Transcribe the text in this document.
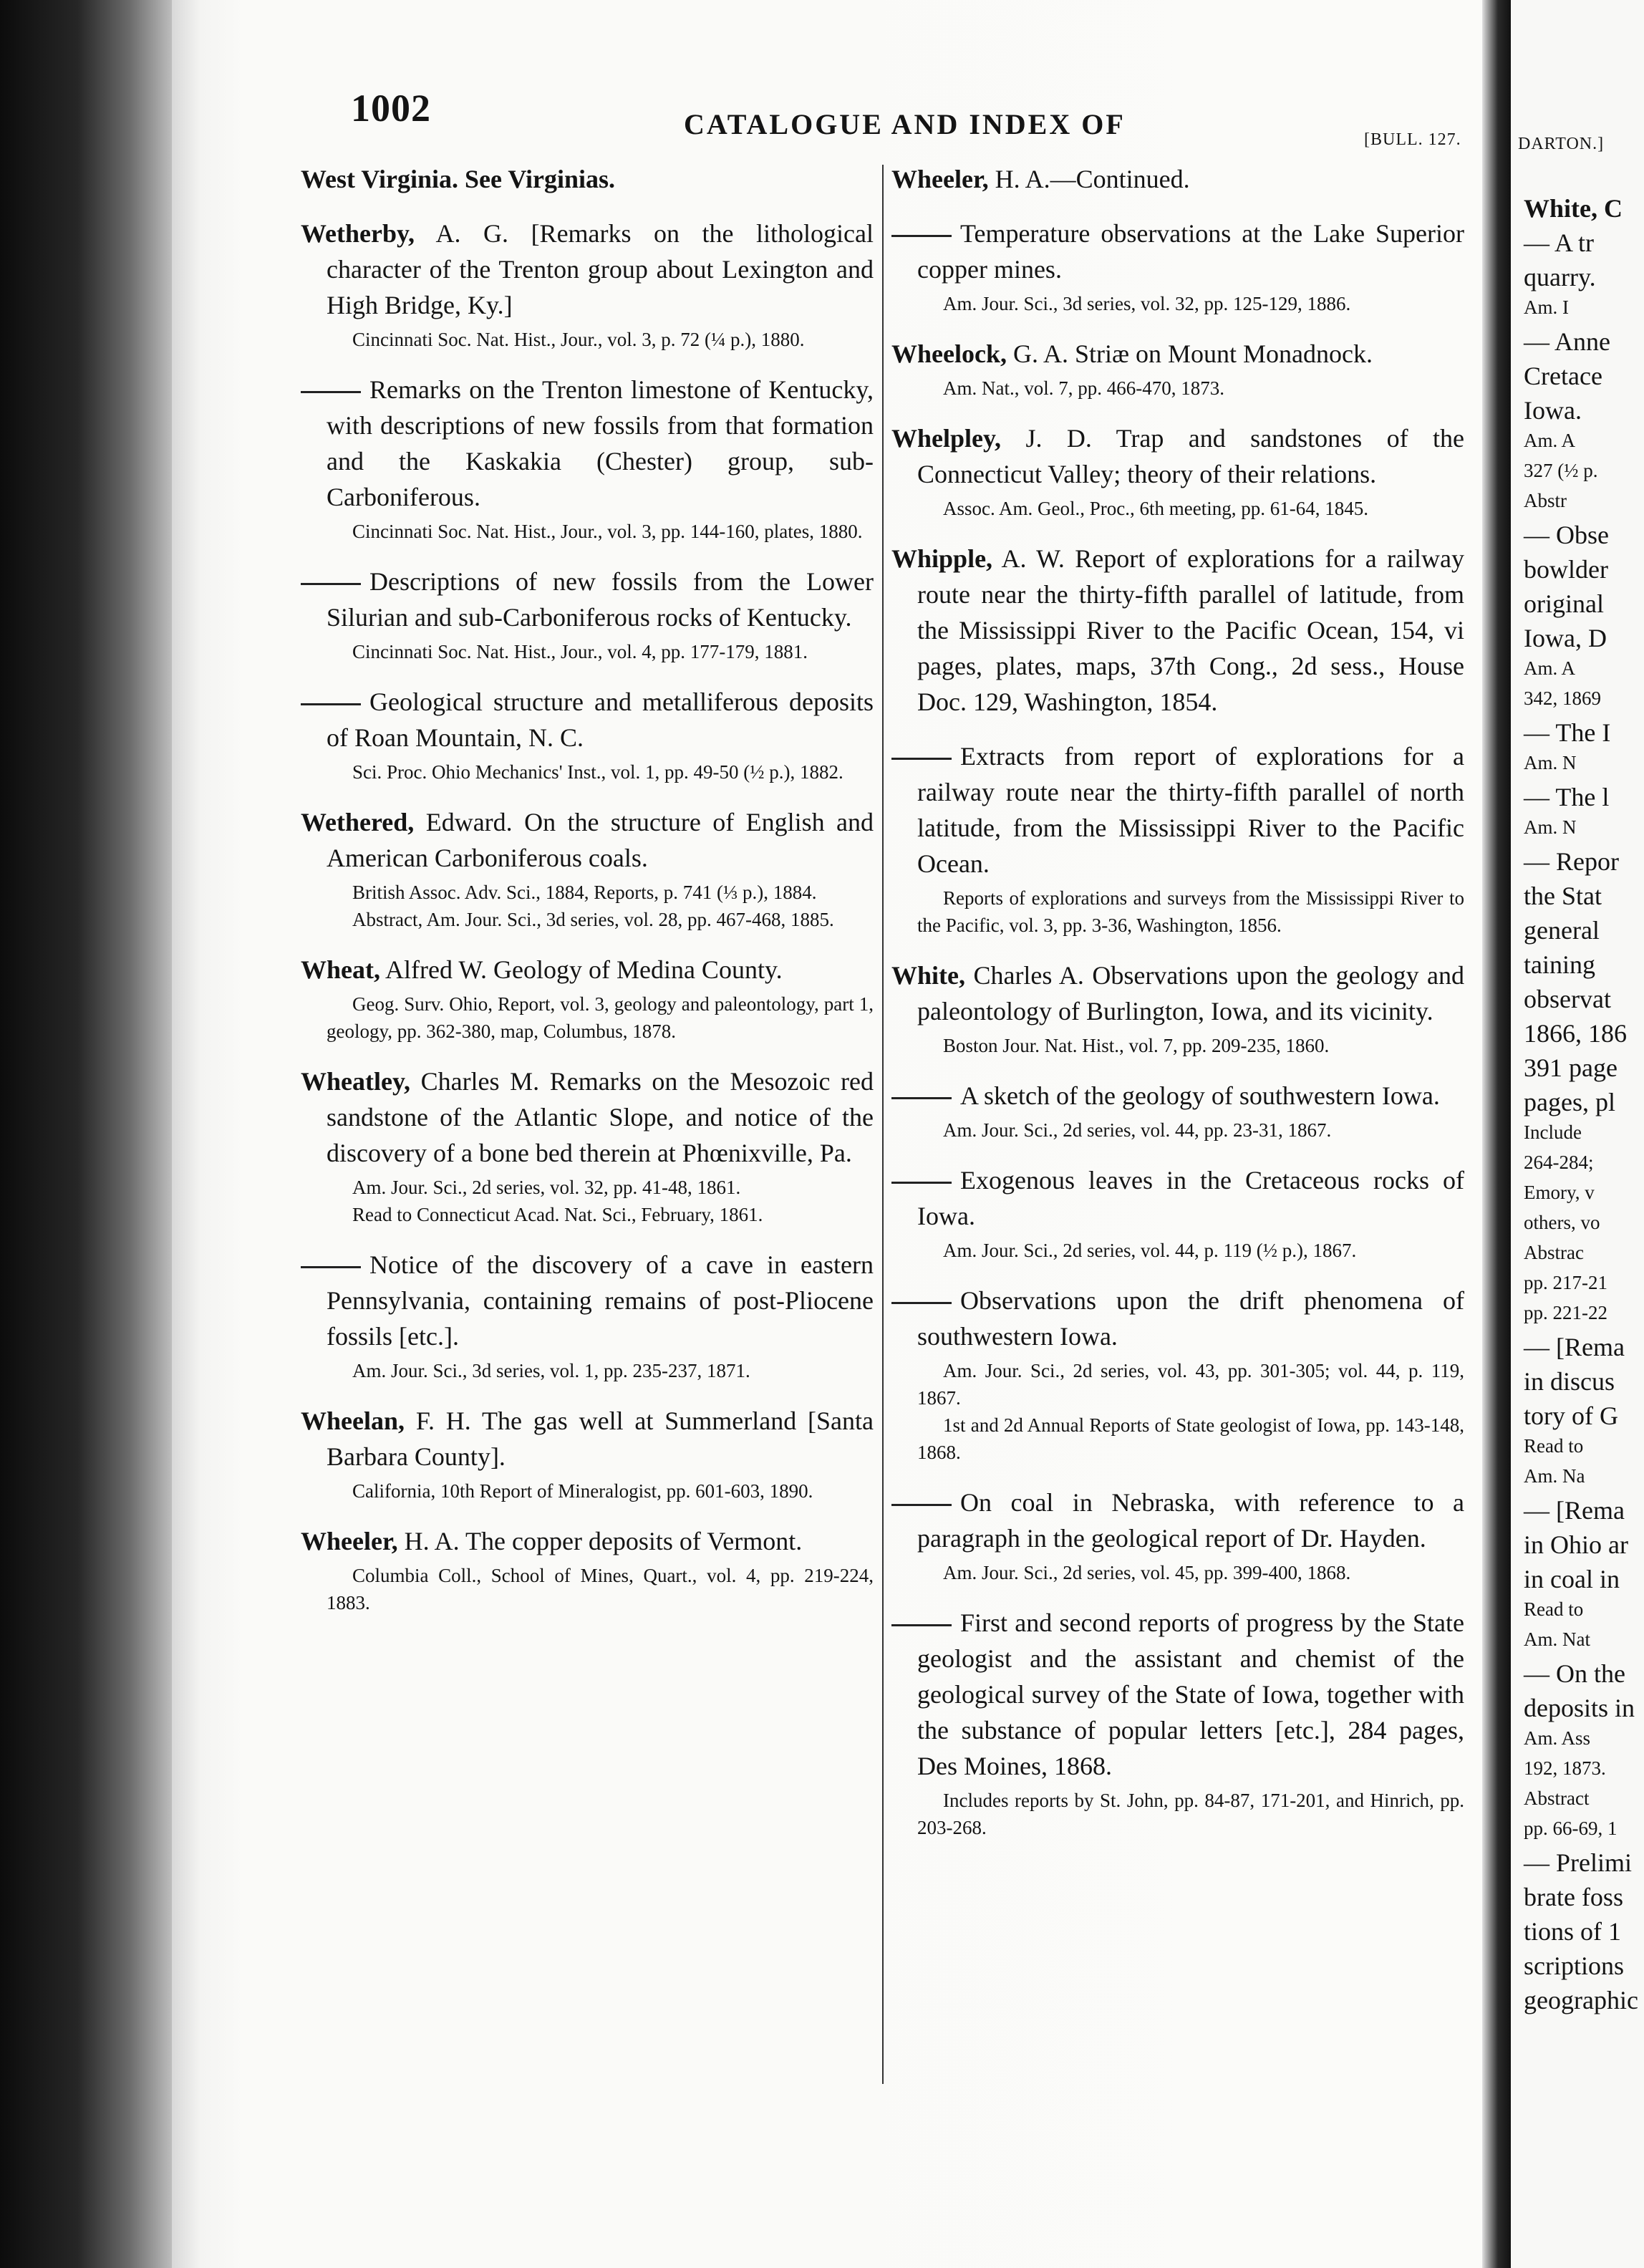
1002	CATALOGUE AND INDEX OF	[BULL. 127.
West Virginia. See Virginias.
Wetherby, A. G. [Remarks on the lithological character of the Trenton group about Lexington and High Bridge, Ky.]
Cincinnati Soc. Nat. Hist., Jour., vol. 3, p. 72 (¼ p.), 1880.
Remarks on the Trenton limestone of Kentucky, with descriptions of new fossils from that formation and the Kaskakia (Chester) group, sub-Carboniferous.
Cincinnati Soc. Nat. Hist., Jour., vol. 3, pp. 144-160, plates, 1880.
Descriptions of new fossils from the Lower Silurian and sub-Carboniferous rocks of Kentucky.
Cincinnati Soc. Nat. Hist., Jour., vol. 4, pp. 177-179, 1881.
Geological structure and metalliferous deposits of Roan Mountain, N. C.
Sci. Proc. Ohio Mechanics' Inst., vol. 1, pp. 49-50 (½ p.), 1882.
Wethered, Edward. On the structure of English and American Carboniferous coals.
British Assoc. Adv. Sci., 1884, Reports, p. 741 (⅓ p.), 1884.
Abstract, Am. Jour. Sci., 3d series, vol. 28, pp. 467-468, 1885.
Wheat, Alfred W. Geology of Medina County.
Geog. Surv. Ohio, Report, vol. 3, geology and paleontology, part 1, geology, pp. 362-380, map, Columbus, 1878.
Wheatley, Charles M. Remarks on the Mesozoic red sandstone of the Atlantic Slope, and notice of the discovery of a bone bed therein at Phœnixville, Pa.
Am. Jour. Sci., 2d series, vol. 32, pp. 41-48, 1861.
Read to Connecticut Acad. Nat. Sci., February, 1861.
Notice of the discovery of a cave in eastern Pennsylvania, containing remains of post-Pliocene fossils [etc.].
Am. Jour. Sci., 3d series, vol. 1, pp. 235-237, 1871.
Wheelan, F. H. The gas well at Summerland [Santa Barbara County].
California, 10th Report of Mineralogist, pp. 601-603, 1890.
Wheeler, H. A. The copper deposits of Vermont.
Columbia Coll., School of Mines, Quart., vol. 4, pp. 219-224, 1883.
Wheeler, H. A.—Continued.
Temperature observations at the Lake Superior copper mines.
Am. Jour. Sci., 3d series, vol. 32, pp. 125-129, 1886.
Wheelock, G. A. Striæ on Mount Monadnock.
Am. Nat., vol. 7, pp. 466-470, 1873.
Whelpley, J. D. Trap and sandstones of the Connecticut Valley; theory of their relations.
Assoc. Am. Geol., Proc., 6th meeting, pp. 61-64, 1845.
Whipple, A. W. Report of explorations for a railway route near the thirty-fifth parallel of latitude, from the Mississippi River to the Pacific Ocean, 154, vi pages, plates, maps, 37th Cong., 2d sess., House Doc. 129, Washington, 1854.
Extracts from report of explorations for a railway route near the thirty-fifth parallel of north latitude, from the Mississippi River to the Pacific Ocean.
Reports of explorations and surveys from the Mississippi River to the Pacific, vol. 3, pp. 3-36, Washington, 1856.
White, Charles A. Observations upon the geology and paleontology of Burlington, Iowa, and its vicinity.
Boston Jour. Nat. Hist., vol. 7, pp. 209-235, 1860.
A sketch of the geology of southwestern Iowa.
Am. Jour. Sci., 2d series, vol. 44, pp. 23-31, 1867.
Exogenous leaves in the Cretaceous rocks of Iowa.
Am. Jour. Sci., 2d series, vol. 44, p. 119 (½ p.), 1867.
Observations upon the drift phenomena of southwestern Iowa.
Am. Jour. Sci., 2d series, vol. 43, pp. 301-305; vol. 44, p. 119, 1867.
1st and 2d Annual Reports of State geologist of Iowa, pp. 143-148, 1868.
On coal in Nebraska, with reference to a paragraph in the geological report of Dr. Hayden.
Am. Jour. Sci., 2d series, vol. 45, pp. 399-400, 1868.
First and second reports of progress by the State geologist and the assistant and chemist of the geological survey of the State of Iowa, together with the substance of popular letters [etc.], 284 pages, Des Moines, 1868.
Includes reports by St. John, pp. 84-87, 171-201, and Hinrich, pp. 203-268.
DARTON.]
White, C
— A tr
quarry.
Am. I
— Anne
Cretace
Iowa.
Am. A
327 (½ p.
Abstr
— Obse
bowlder
original
Iowa, D
Am. A
342, 1869
— The I
Am. N
— The l
Am. N
— Repor
the Stat
general
taining
observat
1866, 186
391 page
pages, pl
Include
264-284;
Emory, v
others, vo
Abstrac
pp. 217-21
pp. 221-22
— [Rema
in discus
tory of G
Read to
Am. Na
— [Rema
in Ohio ar
in coal in
Read to
Am. Nat
— On the
deposits in
Am. Ass
192, 1873.
Abstract
pp. 66-69, 1
— Prelimi
brate foss
tions of 1
scriptions
geographic
